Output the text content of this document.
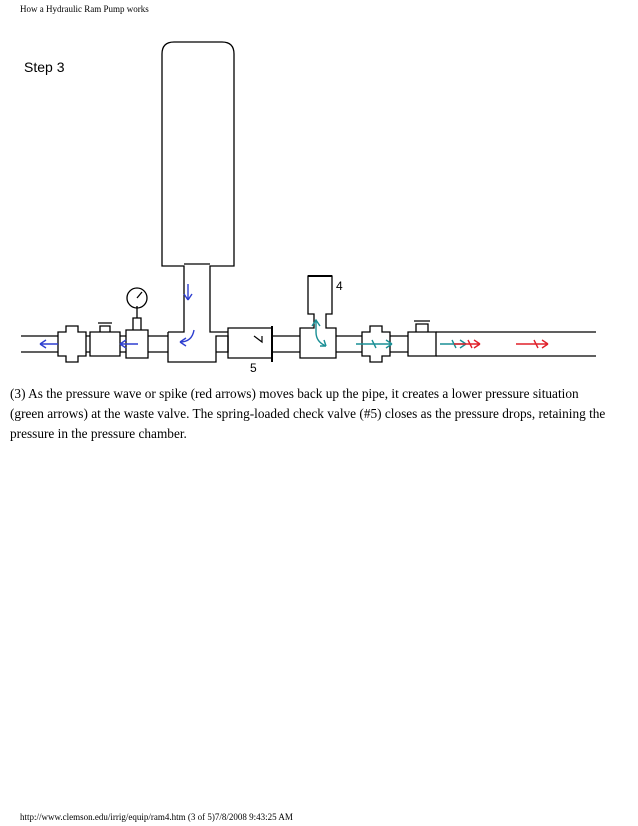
How a Hydraulic Ram Pump works
Step 3
4
5
(3) As the pressure wave or spike (red arrows) moves back up the pipe, it creates a lower pressure situation (green arrows) at the waste valve. The spring-loaded check valve (#5) closes as the pressure drops, retaining the pressure in the pressure chamber.
http://www.clemson.edu/irrig/equip/ram4.htm (3 of 5)7/8/2008 9:43:25 AM
